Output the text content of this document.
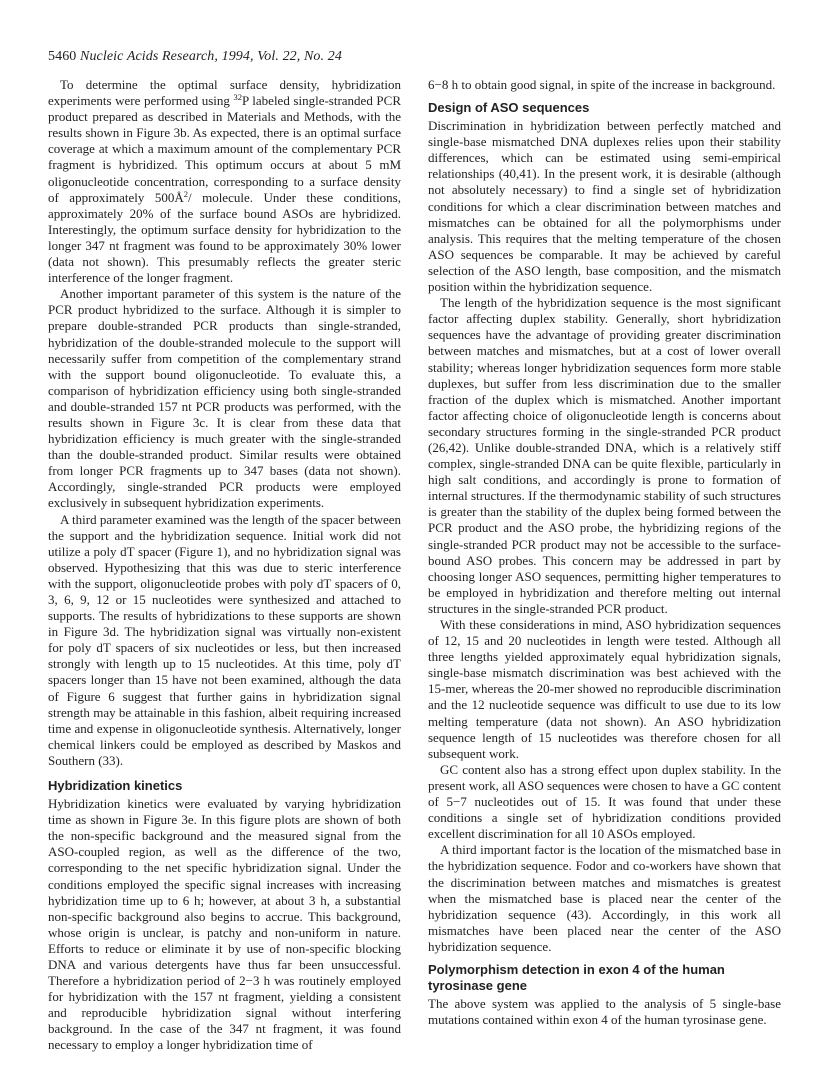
5460 Nucleic Acids Research, 1994, Vol. 22, No. 24

To determine the optimal surface density, hybridization experiments were performed using $^{32}$P labeled single-stranded PCR product prepared as described in Materials and Methods, with the results shown in Figure 3b. As expected, there is an optimal surface coverage at which a maximum amount of the complementary PCR fragment is hybridized. This optimum occurs at about 5 mM oligonucleotide concentration, corresponding to a surface density of approximately $500Å^2/$ molecule. Under these conditions, approximately 20% of the surface bound ASOs are hybridized. Interestingly, the optimum surface density for hybridization to the longer 347 nt fragment was found to be approximately 30% lower (data not shown). This presumably reflects the greater steric interference of the longer fragment.

Another important parameter of this system is the nature of the PCR product hybridized to the surface. Although it is simpler to prepare double-stranded PCR products than single-stranded, hybridization of the double-stranded molecule to the support will necessarily suffer from competition of the complementary strand with the support bound oligonucleotide. To evaluate this, a comparison of hybridization efficiency using both single-stranded and double-stranded 157 nt PCR products was performed, with the results shown in Figure 3c. It is clear from these data that hybridization efficiency is much greater with the single-stranded than the double-stranded product. Similar results were obtained from longer PCR fragments up to 347 bases (data not shown). Accordingly, single-stranded PCR products were employed exclusively in subsequent hybridization experiments.

A third parameter examined was the length of the spacer between the support and the hybridization sequence. Initial work did not utilize a poly dT spacer (Figure 1), and no hybridization signal was observed. Hypothesizing that this was due to steric interference with the support, oligonucleotide probes with poly dT spacers of 0, 3, 6, 9, 12 or 15 nucleotides were synthesized and attached to supports. The results of hybridizations to these supports are shown in Figure 3d. The hybridization signal was virtually non-existent for poly dT spacers of six nucleotides or less, but then increased strongly with length up to 15 nucleotides. At this time, poly dT spacers longer than 15 have not been examined, although the data of Figure 6 suggest that further gains in hybridization signal strength may be attainable in this fashion, albeit requiring increased time and expense in oligonucleotide synthesis. Alternatively, longer chemical linkers could be employed as described by Maskos and Southern (33).

Hybridization kinetics

Hybridization kinetics were evaluated by varying hybridization time as shown in Figure 3e. In this figure plots are shown of both the non-specific background and the measured signal from the ASO-coupled region, as well as the difference of the two, corresponding to the net specific hybridization signal. Under the conditions employed the specific signal increases with increasing hybridization time up to 6 h; however, at about 3 h, a substantial non-specific background also begins to accrue. This background, whose origin is unclear, is patchy and non-uniform in nature. Efforts to reduce or eliminate it by use of non-specific blocking DNA and various detergents have thus far been unsuccessful. Therefore a hybridization period of 2−3 h was routinely employed for hybridization with the 157 nt fragment, yielding a consistent and reproducible hybridization signal without interfering background. In the case of the 347 nt fragment, it was found necessary to employ a longer hybridization time of

6−8 h to obtain good signal, in spite of the increase in background.

Design of ASO sequences

Discrimination in hybridization between perfectly matched and single-base mismatched DNA duplexes relies upon their stability differences, which can be estimated using semi-empirical relationships (40,41). In the present work, it is desirable (although not absolutely necessary) to find a single set of hybridization conditions for which a clear discrimination between matches and mismatches can be obtained for all the polymorphisms under analysis. This requires that the melting temperature of the chosen ASO sequences be comparable. It may be achieved by careful selection of the ASO length, base composition, and the mismatch position within the hybridization sequence.

The length of the hybridization sequence is the most significant factor affecting duplex stability. Generally, short hybridization sequences have the advantage of providing greater discrimination between matches and mismatches, but at a cost of lower overall stability; whereas longer hybridization sequences form more stable duplexes, but suffer from less discrimination due to the smaller fraction of the duplex which is mismatched. Another important factor affecting choice of oligonucleotide length is concerns about secondary structures forming in the single-stranded PCR product (26,42). Unlike double-stranded DNA, which is a relatively stiff complex, single-stranded DNA can be quite flexible, particularly in high salt conditions, and accordingly is prone to formation of internal structures. If the thermodynamic stability of such structures is greater than the stability of the duplex being formed between the PCR product and the ASO probe, the hybridizing regions of the single-stranded PCR product may not be accessible to the surface-bound ASO probes. This concern may be addressed in part by choosing longer ASO sequences, permitting higher temperatures to be employed in hybridization and therefore melting out internal structures in the single-stranded PCR product.

With these considerations in mind, ASO hybridization sequences of 12, 15 and 20 nucleotides in length were tested. Although all three lengths yielded approximately equal hybridization signals, single-base mismatch discrimination was best achieved with the 15-mer, whereas the 20-mer showed no reproducible discrimination and the 12 nucleotide sequence was difficult to use due to its low melting temperature (data not shown). An ASO hybridization sequence length of 15 nucleotides was therefore chosen for all subsequent work.

GC content also has a strong effect upon duplex stability. In the present work, all ASO sequences were chosen to have a GC content of 5−7 nucleotides out of 15. It was found that under these conditions a single set of hybridization conditions provided excellent discrimination for all 10 ASOs employed.

A third important factor is the location of the mismatched base in the hybridization sequence. Fodor and co-workers have shown that the discrimination between matches and mismatches is greatest when the mismatched base is placed near the center of the hybridization sequence (43). Accordingly, in this work all mismatches have been placed near the center of the ASO hybridization sequence.

Polymorphism detection in exon 4 of the human tyrosinase gene

The above system was applied to the analysis of 5 single-base mutations contained within exon 4 of the human tyrosinase gene.
